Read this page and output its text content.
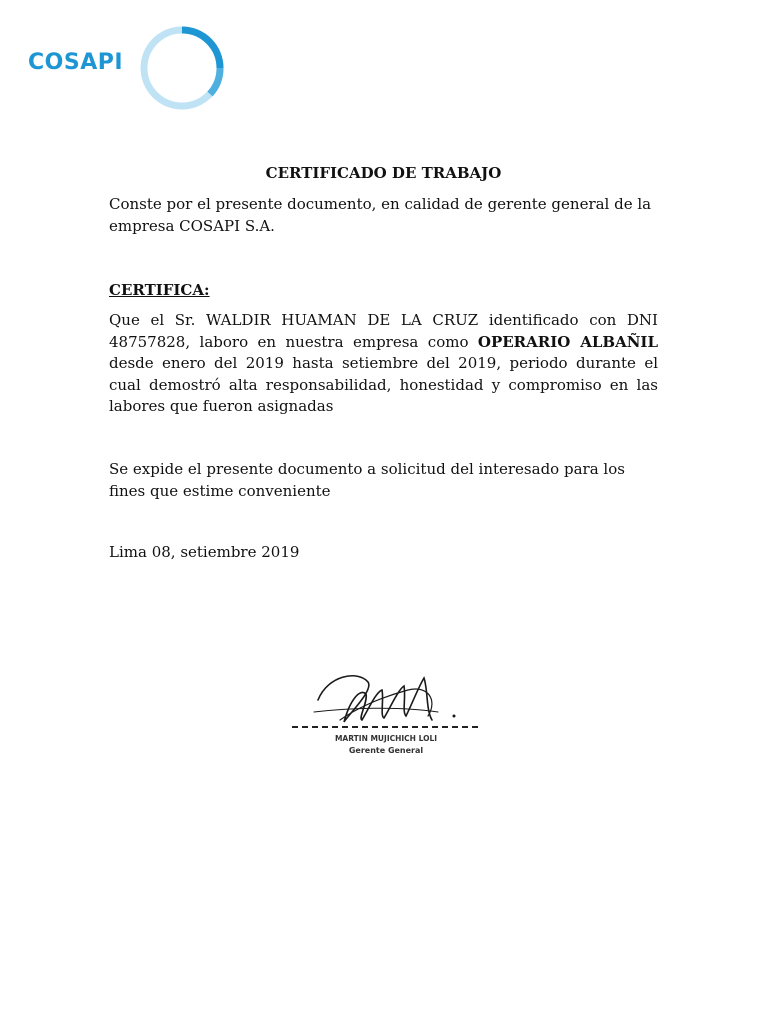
COSAPI
CERTIFICADO DE TRABAJO

Conste por el presente documento, en calidad de gerente general de la empresa COSAPI S.A.

CERTIFICA:

Que el Sr. WALDIR HUAMAN DE LA CRUZ identificado con DNI 48757828, laboro en nuestra empresa como OPERARIO ALBAÑIL desde enero del 2019 hasta setiembre del 2019, periodo durante el cual demostró alta responsabilidad, honestidad y compromiso en las labores que fueron asignadas

Se expide el presente documento a solicitud del interesado para los fines que estime conveniente

Lima 08, setiembre 2019

MARTIN MUJICHICH LOLI
Gerente General
